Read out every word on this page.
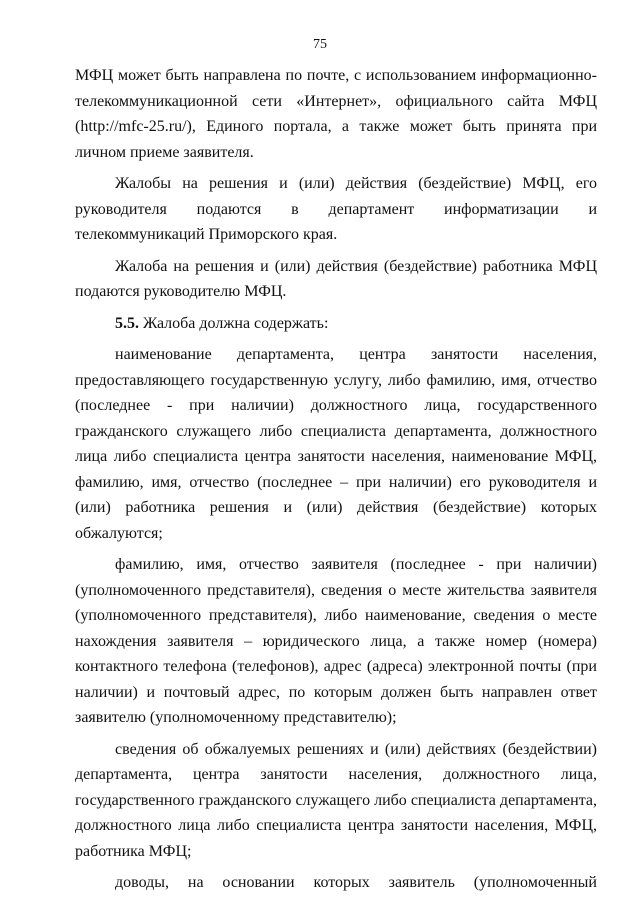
75

МФЦ может быть направлена по почте, с использованием информационно-телекоммуникационной сети «Интернет», официального сайта МФЦ (http://mfc-25.ru/), Единого портала, а также может быть принята при личном приеме заявителя.

Жалобы на решения и (или) действия (бездействие) МФЦ, его руководителя подаются в департамент информатизации и телекоммуникаций Приморского края.

Жалоба на решения и (или) действия (бездействие) работника МФЦ подаются руководителю МФЦ.

5.5. Жалоба должна содержать:

наименование департамента, центра занятости населения, предоставляющего государственную услугу, либо фамилию, имя, отчество (последнее - при наличии) должностного лица, государственного гражданского служащего либо специалиста департамента, должностного лица либо специалиста центра занятости населения, наименование МФЦ, фамилию, имя, отчество (последнее – при наличии) его руководителя и (или) работника решения и (или) действия (бездействие) которых обжалуются;

фамилию, имя, отчество заявителя (последнее - при наличии) (уполномоченного представителя), сведения о месте жительства заявителя (уполномоченного представителя), либо наименование, сведения о месте нахождения заявителя – юридического лица, а также номер (номера) контактного телефона (телефонов), адрес (адреса) электронной почты (при наличии) и почтовый адрес, по которым должен быть направлен ответ заявителю (уполномоченному представителю);

сведения об обжалуемых решениях и (или) действиях (бездействии) департамента, центра занятости населения, должностного лица, государственного гражданского служащего либо специалиста департамента, должностного лица либо специалиста центра занятости населения, МФЦ, работника МФЦ;

доводы, на основании которых заявитель (уполномоченный
